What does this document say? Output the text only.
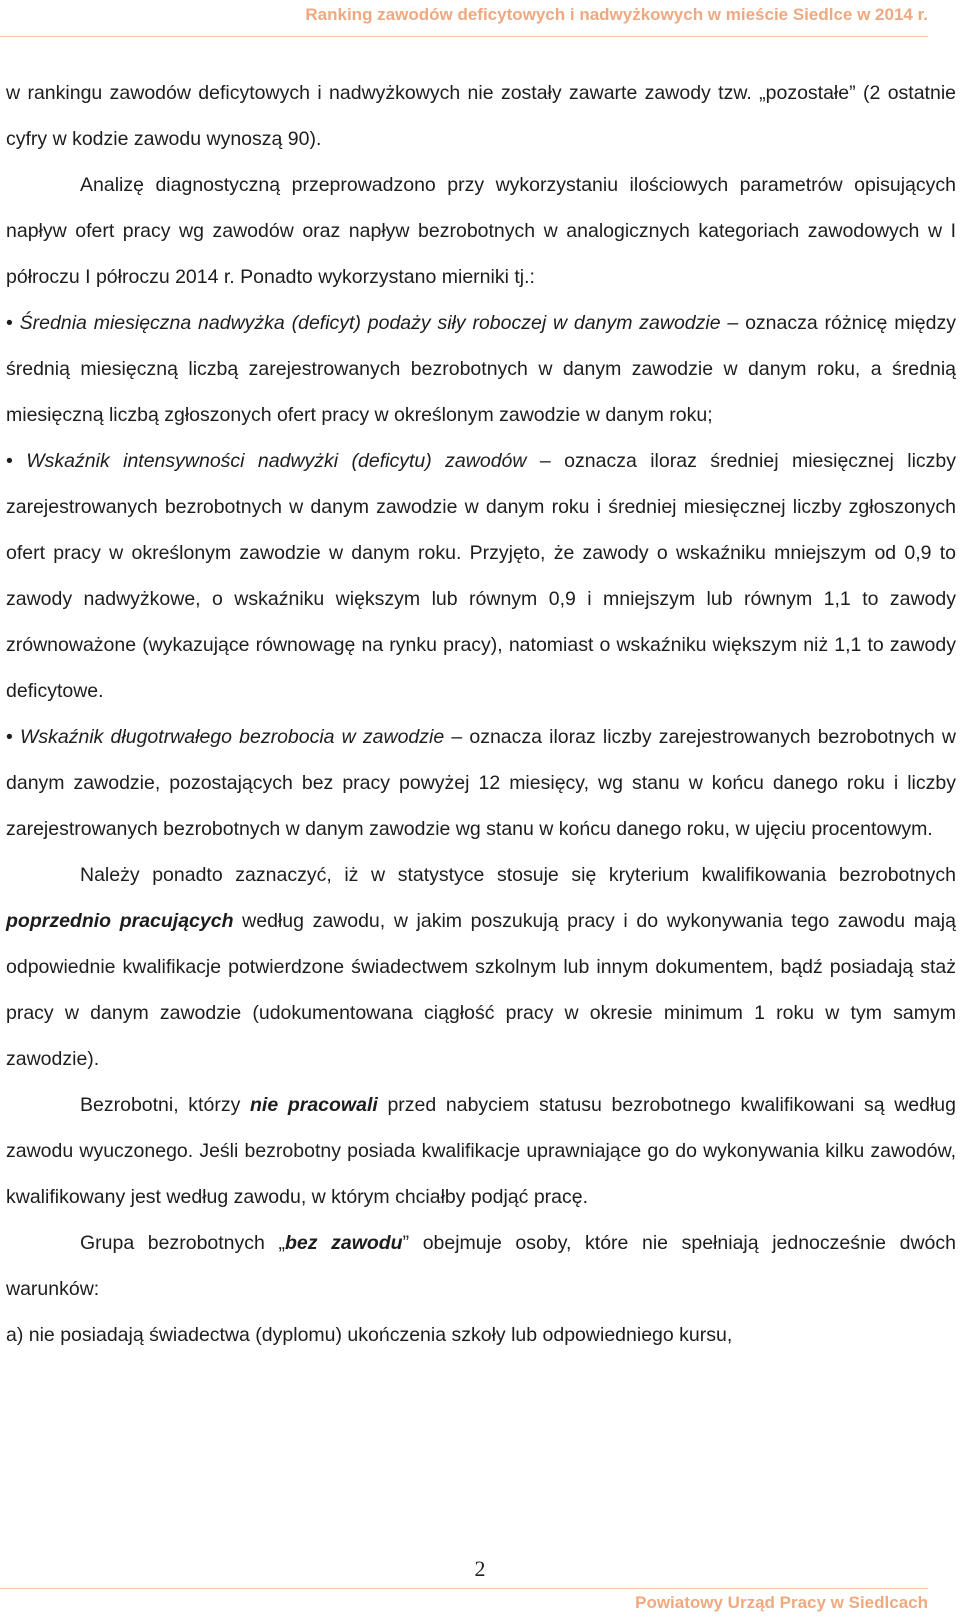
Ranking zawodów deficytowych i nadwyżkowych w mieście Siedlce w 2014 r.

w rankingu zawodów deficytowych i nadwyżkowych nie zostały zawarte zawody tzw. „pozostałe” (2 ostatnie cyfry w kodzie zawodu wynoszą 90).

Analizę diagnostyczną przeprowadzono przy wykorzystaniu ilościowych parametrów opisujących napływ ofert pracy wg zawodów oraz napływ bezrobotnych w analogicznych kategoriach zawodowych w I półroczu I półroczu 2014 r. Ponadto wykorzystano mierniki tj.:

• Średnia miesięczna nadwyżka (deficyt) podaży siły roboczej w danym zawodzie – oznacza różnicę między średnią miesięczną liczbą zarejestrowanych bezrobotnych w danym zawodzie w danym roku, a średnią miesięczną liczbą zgłoszonych ofert pracy w określonym zawodzie w danym roku;

• Wskaźnik intensywności nadwyżki (deficytu) zawodów – oznacza iloraz średniej miesięcznej liczby zarejestrowanych bezrobotnych w danym zawodzie w danym roku i średniej miesięcznej liczby zgłoszonych ofert pracy w określonym zawodzie w danym roku. Przyjęto, że zawody o wskaźniku mniejszym od 0,9 to zawody nadwyżkowe, o wskaźniku większym lub równym 0,9 i mniejszym lub równym 1,1 to zawody zrównoważone (wykazujące równowagę na rynku pracy), natomiast o wskaźniku większym niż 1,1 to zawody deficytowe.

• Wskaźnik długotrwałego bezrobocia w zawodzie – oznacza iloraz liczby zarejestrowanych bezrobotnych w danym zawodzie, pozostających bez pracy powyżej 12 miesięcy, wg stanu w końcu danego roku i liczby zarejestrowanych bezrobotnych w danym zawodzie wg stanu w końcu danego roku, w ujęciu procentowym.

Należy ponadto zaznaczyć, iż w statystyce stosuje się kryterium kwalifikowania bezrobotnych poprzednio pracujących według zawodu, w jakim poszukują pracy i do wykonywania tego zawodu mają odpowiednie kwalifikacje potwierdzone świadectwem szkolnym lub innym dokumentem, bądź posiadają staż pracy w danym zawodzie (udokumentowana ciągłość pracy w okresie minimum 1 roku w tym samym zawodzie).

Bezrobotni, którzy nie pracowali przed nabyciem statusu bezrobotnego kwalifikowani są według zawodu wyuczonego. Jeśli bezrobotny posiada kwalifikacje uprawniające go do wykonywania kilku zawodów, kwalifikowany jest według zawodu, w którym chciałby podjąć pracę.

Grupa bezrobotnych „bez zawodu” obejmuje osoby, które nie spełniają jednocześnie dwóch warunków:

a) nie posiadają świadectwa (dyplomu) ukończenia szkoły lub odpowiedniego kursu,

2
Powiatowy Urząd Pracy w Siedlcach
